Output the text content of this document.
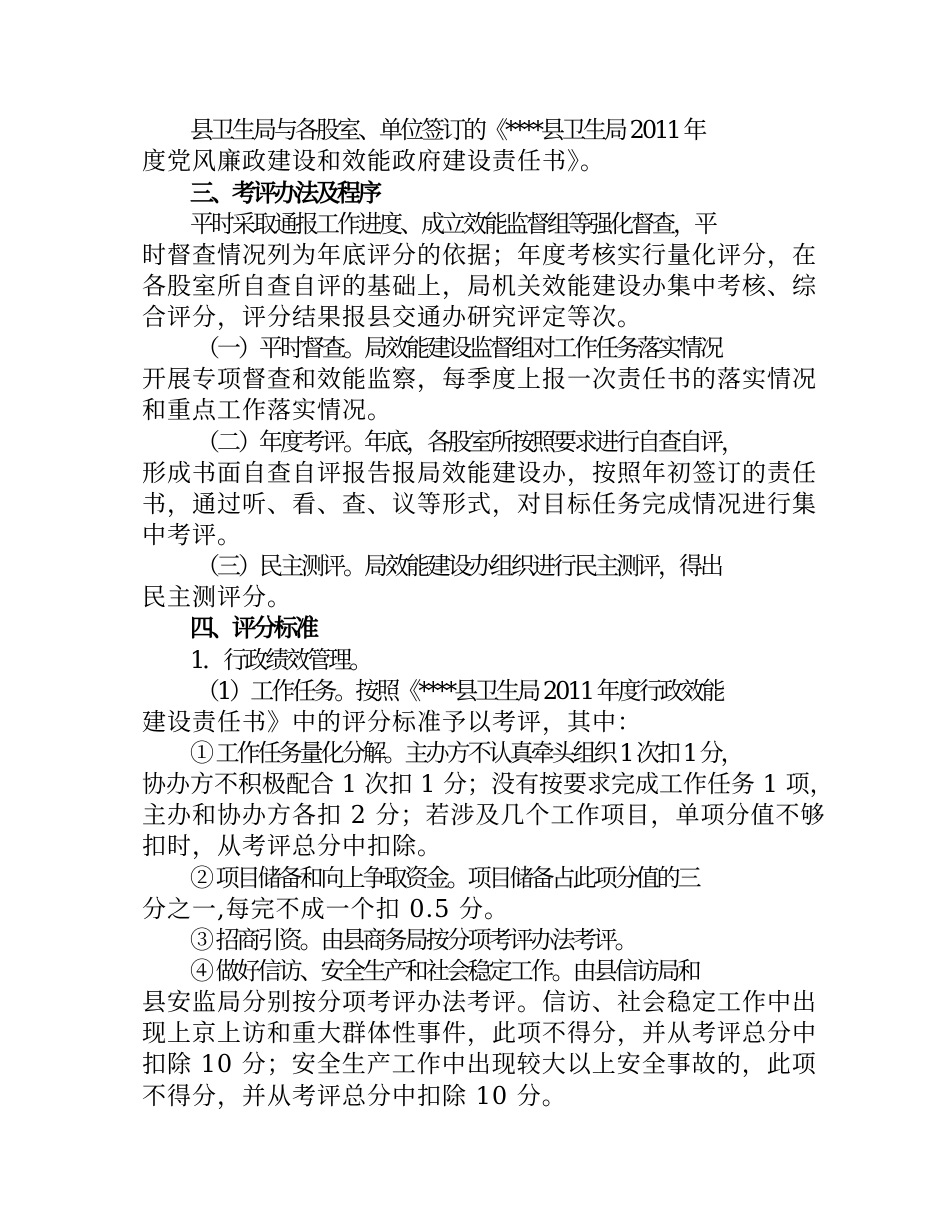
县卫生局与各股室、单位签订的《****县卫生局 2011 年
度党风廉政建设和效能政府建设责任书》。
三、考评办法及程序
平时采取通报工作进度、成立效能监督组等强化督查，平
时督查情况列为年底评分的依据；年度考核实行量化评分，在
各股室所自查自评的基础上，局机关效能建设办集中考核、综
合评分，评分结果报县交通办研究评定等次。
（一）平时督查。局效能建设监督组对工作任务落实情况
开展专项督查和效能监察，每季度上报一次责任书的落实情况
和重点工作落实情况。
（二）年度考评。年底，各股室所按照要求进行自查自评，
形成书面自查自评报告报局效能建设办，按照年初签订的责任
书，通过听、看、查、议等形式，对目标任务完成情况进行集
中考评。
（三）民主测评。局效能建设办组织进行民主测评，得出
民主测评分。
四、评分标准
1．行政绩效管理。
（1）工作任务。按照《****县卫生局 2011 年度行政效能
建设责任书》中的评分标准予以考评，其中：
① 工作任务量化分解。主办方不认真牵头组织 1 次扣 1 分，
协办方不积极配合 1 次扣 1 分；没有按要求完成工作任务 1 项，
主办和协办方各扣 2 分；若涉及几个工作项目，单项分值不够
扣时，从考评总分中扣除。
② 项目储备和向上争取资金。项目储备占此项分值的三
分之一,每完不成一个扣 0.5 分。
③ 招商引资。由县商务局按分项考评办法考评。
④ 做好信访、安全生产和社会稳定工作。由县信访局和
县安监局分别按分项考评办法考评。信访、社会稳定工作中出
现上京上访和重大群体性事件，此项不得分，并从考评总分中
扣除 10 分；安全生产工作中出现较大以上安全事故的，此项
不得分，并从考评总分中扣除 10 分。
